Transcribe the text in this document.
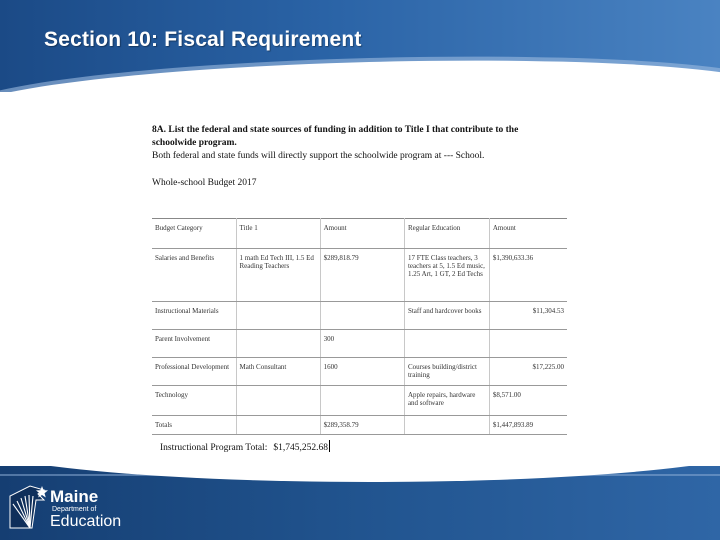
Section 10: Fiscal Requirement

8A. List the federal and state sources of funding in addition to Title I that contribute to the schoolwide program.

Both federal and state funds will directly support the schoolwide program at --- School.

Whole-school Budget 2017
Budget Category	Title 1	Amount	Regular Education	Amount
Salaries and Benefits	1 math Ed Tech III, 1.5 Ed Reading Teachers	$289,818.79	17 FTE Class teachers, 3 teachers at 5, 1.5 Ed music, 1.25 Art, 1 GT, 2 Ed Techs	$1,390,633.36
Instructional Materials			Staff and hardcover books	$11,304.53
Parent Involvement		300		
Professional Development	Math Consultant	1600	Courses building/district training	$17,225.00
Technology			Apple repairs, hardware and software	$8,571.00
Totals		$289,358.79		$1,447,893.89
Instructional Program Total: $1,745,252.68
Maine
Department of
Education
